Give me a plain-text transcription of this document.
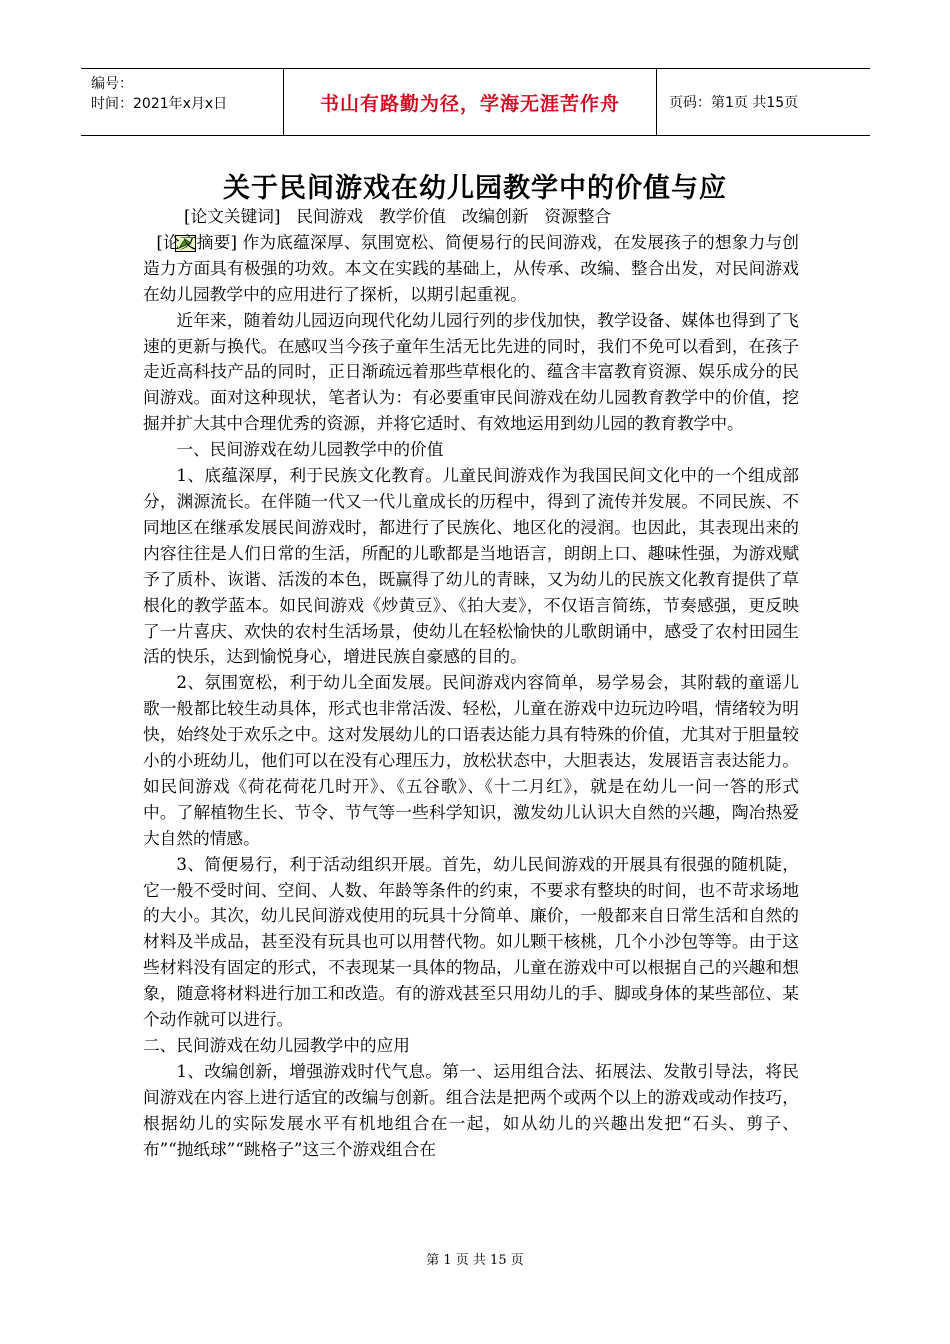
编号：
时间：2021年x月x日	书山有路勤为径，学海无涯苦作舟	页码：第1页 共15页
关于民间游戏在幼儿园教学中的价值与应

[论文关键词]   民间游戏   教学价值   改编创新   资源整合

[论文摘要] 作为底蕴深厚、氛围宽松、简便易行的民间游戏，在发展孩子的想象力与创造力方面具有极强的功效。本文在实践的基础上，从传承、改编、整合出发，对民间游戏在幼儿园教学中的应用进行了探析，以期引起重视。

近年来，随着幼儿园迈向现代化幼儿园行列的步伐加快，教学设备、媒体也得到了飞速的更新与换代。在感叹当今孩子童年生活无比先进的同时，我们不免可以看到，在孩子走近高科技产品的同时，正日渐疏远着那些草根化的、蕴含丰富教育资源、娱乐成分的民间游戏。面对这种现状，笔者认为：有必要重审民间游戏在幼儿园教育教学中的价值，挖掘并扩大其中合理优秀的资源，并将它适时、有效地运用到幼儿园的教育教学中。

一、民间游戏在幼儿园教学中的价值

1、底蕴深厚，利于民族文化教育。儿童民间游戏作为我国民间文化中的一个组成部分，渊源流长。在伴随一代又一代儿童成长的历程中，得到了流传并发展。不同民族、不同地区在继承发展民间游戏时，都进行了民族化、地区化的浸润。也因此，其表现出来的内容往往是人们日常的生活，所配的儿歌都是当地语言，朗朗上口、趣味性强，为游戏赋予了质朴、诙谐、活泼的本色，既赢得了幼儿的青睐，又为幼儿的民族文化教育提供了草根化的教学蓝本。如民间游戏《炒黄豆》、《拍大麦》，不仅语言简练，节奏感强，更反映了一片喜庆、欢快的农村生活场景，使幼儿在轻松愉快的儿歌朗诵中，感受了农村田园生活的快乐，达到愉悦身心，增进民族自豪感的目的。

2、氛围宽松，利于幼儿全面发展。民间游戏内容简单，易学易会，其附载的童谣儿歌一般都比较生动具体，形式也非常活泼、轻松，儿童在游戏中边玩边吟唱，情绪较为明快，始终处于欢乐之中。这对发展幼儿的口语表达能力具有特殊的价值，尤其对于胆量较小的小班幼儿，他们可以在没有心理压力，放松状态中，大胆表达，发展语言表达能力。如民间游戏《荷花荷花几时开》、《五谷歌》、《十二月红》，就是在幼儿一问一答的形式中。了解植物生长、节令、节气等一些科学知识，激发幼儿认识大自然的兴趣，陶冶热爱大自然的情感。

3、简便易行，利于活动组织开展。首先，幼儿民间游戏的开展具有很强的随机陡，它一般不受时间、空间、人数、年龄等条件的约束，不要求有整块的时间，也不苛求场地的大小。其次，幼儿民间游戏使用的玩具十分简单、廉价，一般都来自日常生活和自然的材料及半成品，甚至没有玩具也可以用替代物。如儿颗干核桃，几个小沙包等等。由于这些材料没有固定的形式，不表现某一具体的物品，儿童在游戏中可以根据自己的兴趣和想象，随意将材料进行加工和改造。有的游戏甚至只用幼儿的手、脚或身体的某些部位、某个动作就可以进行。

二、民间游戏在幼儿园教学中的应用

1、改编创新，增强游戏时代气息。第一、运用组合法、拓展法、发散引导法，将民间游戏在内容上进行适宜的改编与创新。组合法是把两个或两个以上的游戏或动作技巧，根据幼儿的实际发展水平有机地组合在一起，如从幼儿的兴趣出发把“石头、剪子、布”“抛纸球”“跳格子”这三个游戏组合在

第 1 页 共 15 页
